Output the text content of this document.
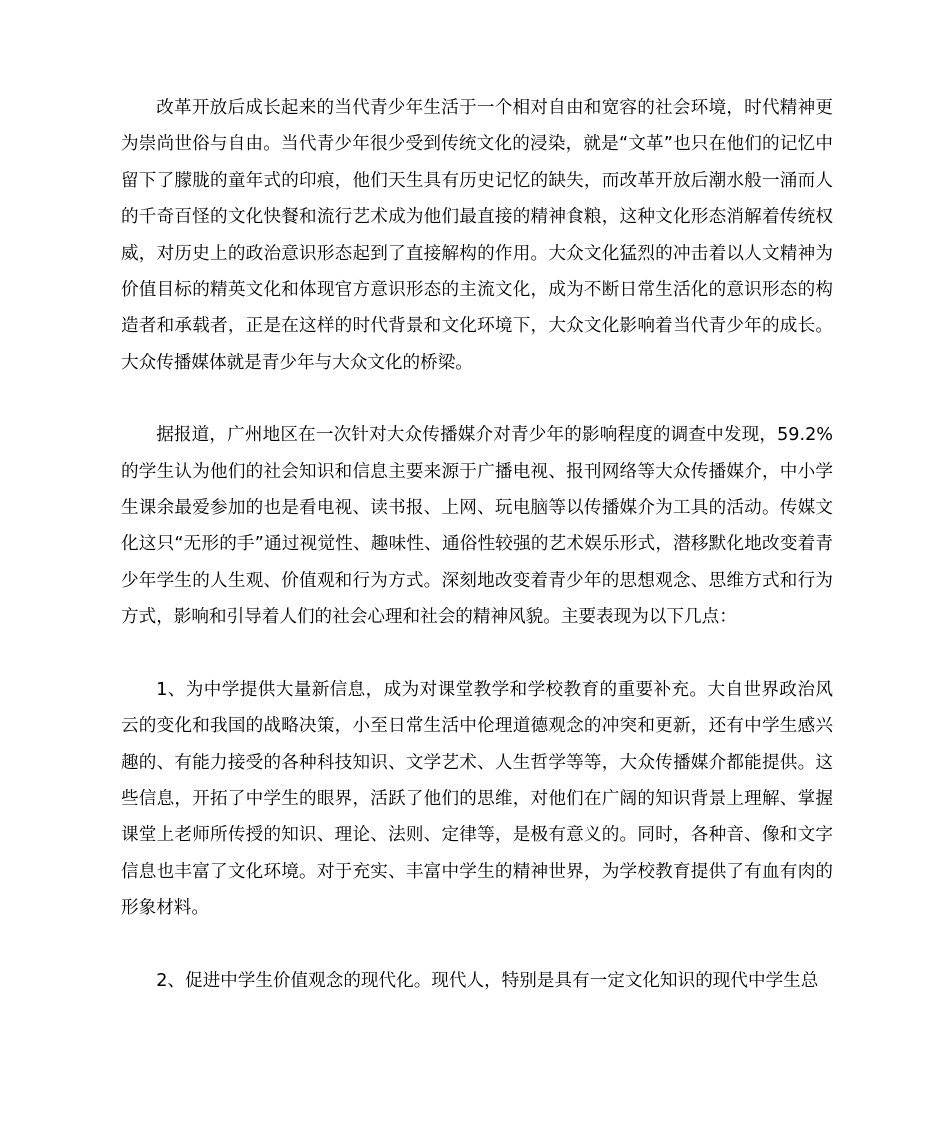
改革开放后成长起来的当代青少年生活于一个相对自由和宽容的社会环境，时代精神更为崇尚世俗与自由。当代青少年很少受到传统文化的浸染，就是“文革”也只在他们的记忆中留下了朦胧的童年式的印痕，他们天生具有历史记忆的缺失，而改革开放后潮水般一涌而人的千奇百怪的文化快餐和流行艺术成为他们最直接的精神食粮，这种文化形态消解着传统权威，对历史上的政治意识形态起到了直接解构的作用。大众文化猛烈的冲击着以人文精神为价值目标的精英文化和体现官方意识形态的主流文化，成为不断日常生活化的意识形态的构造者和承载者，正是在这样的时代背景和文化环境下，大众文化影响着当代青少年的成长。大众传播媒体就是青少年与大众文化的桥梁。

据报道，广州地区在一次针对大众传播媒介对青少年的影响程度的调查中发现，59.2%的学生认为他们的社会知识和信息主要来源于广播电视、报刊网络等大众传播媒介，中小学生课余最爱参加的也是看电视、读书报、上网、玩电脑等以传播媒介为工具的活动。传媒文化这只“无形的手”通过视觉性、趣味性、通俗性较强的艺术娱乐形式，潜移默化地改变着青少年学生的人生观、价值观和行为方式。深刻地改变着青少年的思想观念、思维方式和行为方式，影响和引导着人们的社会心理和社会的精神风貌。主要表现为以下几点：

1、为中学提供大量新信息，成为对课堂教学和学校教育的重要补充。大自世界政治风云的变化和我国的战略决策，小至日常生活中伦理道德观念的冲突和更新，还有中学生感兴趣的、有能力接受的各种科技知识、文学艺术、人生哲学等等，大众传播媒介都能提供。这些信息，开拓了中学生的眼界，活跃了他们的思维，对他们在广阔的知识背景上理解、掌握课堂上老师所传授的知识、理论、法则、定律等，是极有意义的。同时，各种音、像和文字信息也丰富了文化环境。对于充实、丰富中学生的精神世界，为学校教育提供了有血有肉的形象材料。

2、促进中学生价值观念的现代化。现代人，特别是具有一定文化知识的现代中学生总
